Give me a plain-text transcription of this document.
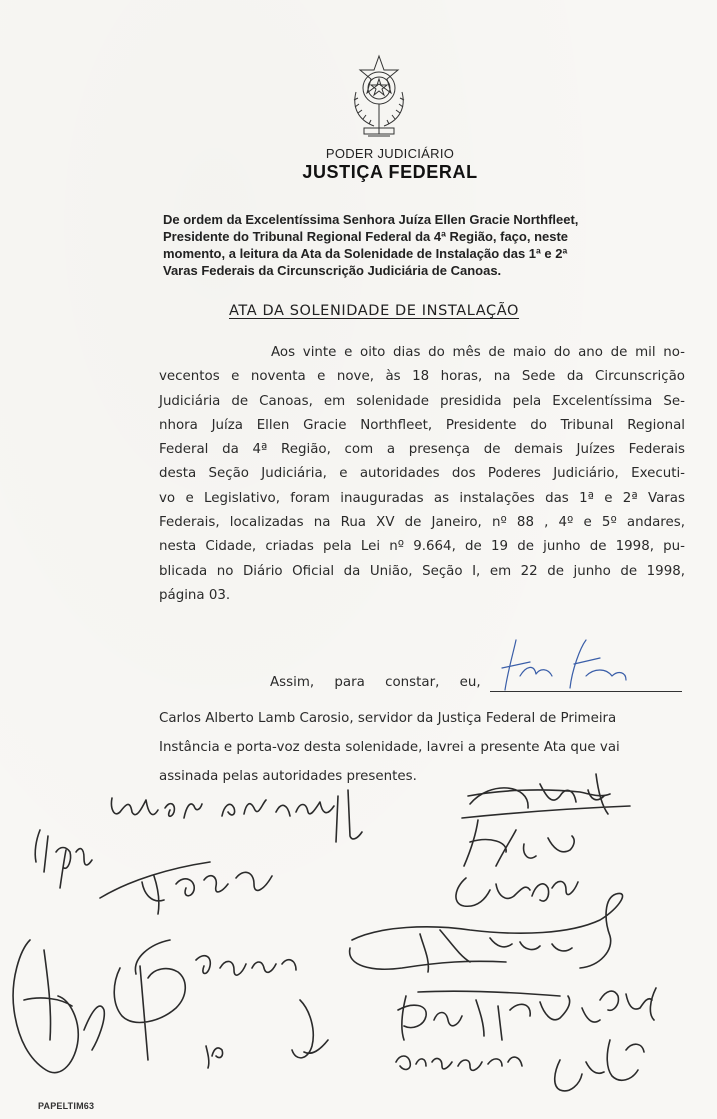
PODER JUDICIÁRIO
JUSTIÇA FEDERAL
De ordem da Excelentíssima Senhora Juíza Ellen Gracie Northfleet,
Presidente do Tribunal Regional Federal da 4ª Região, faço, neste
momento, a leitura da Ata da Solenidade de Instalação das 1ª e 2ª
Varas Federais da Circunscrição Judiciária de Canoas.
ATA DA SOLENIDADE DE INSTALAÇÃO
Aos vinte e oito dias do mês de maio do ano de mil no-
vecentos e noventa e nove, às 18 horas, na Sede da Circunscrição
Judiciária de Canoas, em solenidade presidida pela Excelentíssima Se-
nhora Juíza Ellen Gracie Northfleet, Presidente do Tribunal Regional
Federal da 4ª Região, com a presença de demais Juízes Federais
desta Seção Judiciária, e autoridades dos Poderes Judiciário, Executi-
vo e Legislativo, foram inauguradas as instalações das 1ª e 2ª Varas
Federais, localizadas na Rua XV de Janeiro, nº 88 , 4º e 5º andares,
nesta Cidade, criadas pela Lei nº 9.664, de 19 de junho de 1998, pu-
blicada no Diário Oficial da União, Seção I, em 22 de junho de 1998,
página 03.
Assim, para constar, eu,
Carlos Alberto Lamb Carosio, servidor da Justiça Federal de Primeira
Instância e porta-voz desta solenidade, lavrei a presente Ata que vai
assinada pelas autoridades presentes.
PAPELTIM63
